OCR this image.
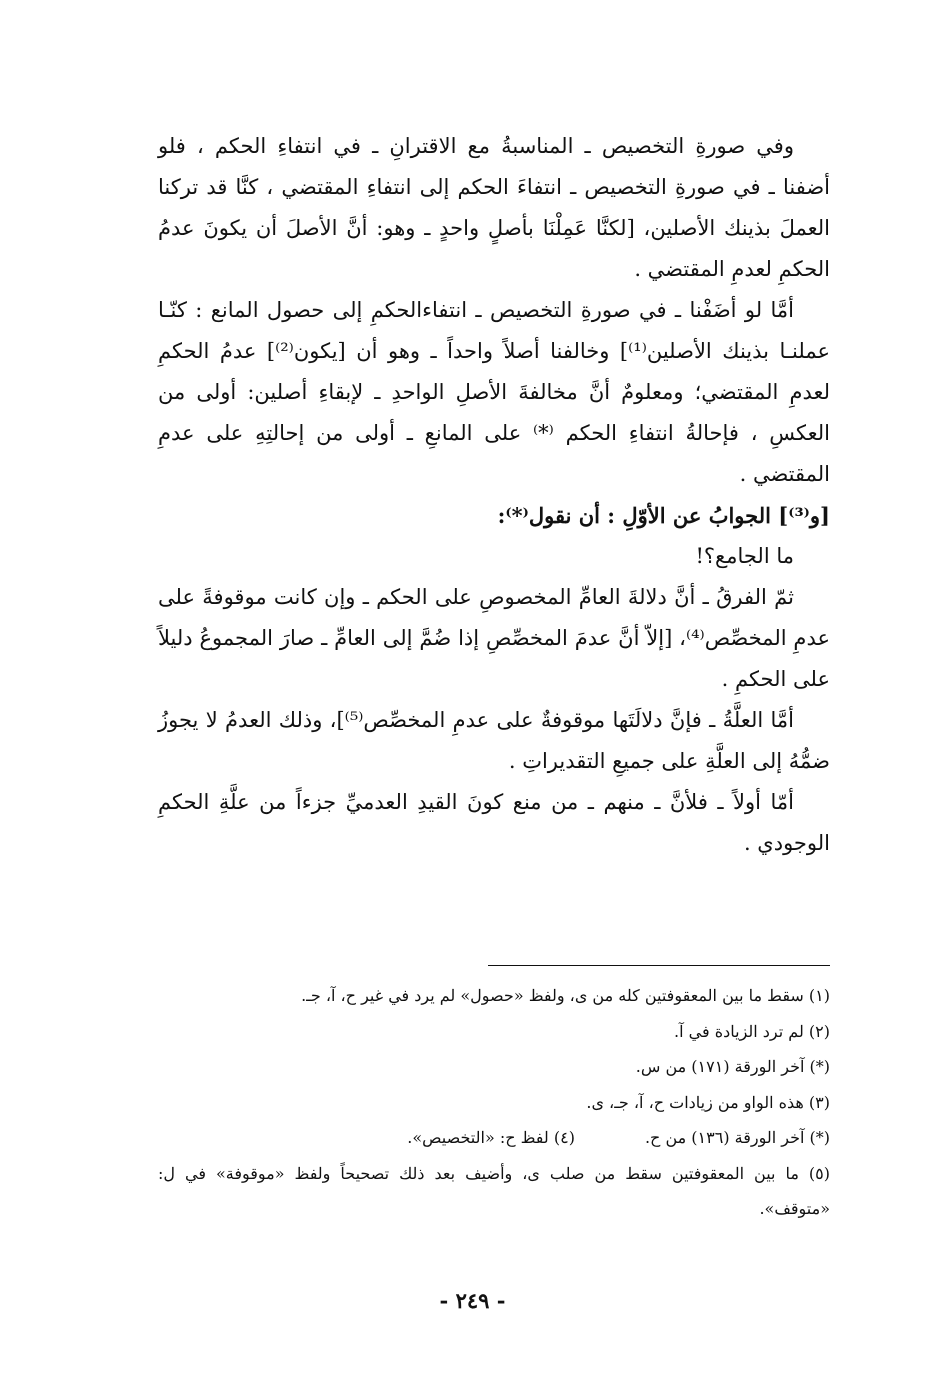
وفي صورةِ التخصيص ـ المناسبةُ مع الاقترانِ ـ في انتفاءِ الحكم ، فلو أضفنا ـ في صورةِ التخصيص ـ انتفاءَ الحكم إلى انتفاءِ المقتضي ، كنَّا قد تركنا العملَ بذينك الأصلين، [لكنَّا عَمِلْنَا بأصلٍ واحدٍ ـ وهو: أنَّ الأصلَ أن يكونَ عدمُ الحكمِ لعدمِ المقتضي .

أمَّا لو أضَفْنا ـ في صورةِ التخصيص ـ انتفاءالحكمِ إلى حصول المانع : كنّـا عملنـا بذينك الأصلين⁽¹⁾] وخالفنا أصلاً واحداً ـ وهو أن [يكون⁽²⁾] عدمُ الحكمِ لعدمِ المقتضي؛ ومعلومٌ أنَّ مخالفةَ الأصلِ الواحدِ ـ لإبقاءِ أصلين: أولى من العكسِ ، فإحالةُ انتفاءِ الحكم ⁽*⁾ على المانعِ ـ أولى من إحالتِهِ على عدمِ المقتضي .

[و⁽³⁾] الجوابُ عن الأوّلِ : أن نقول⁽*⁾:

ما الجامع؟!

ثمّ الفرقُ ـ أنَّ دلالةَ العامِّ المخصوصِ على الحكم ـ وإن كانت موقوفةً على عدمِ المخصِّص⁽⁴⁾، [إلاّ أنَّ عدمَ المخصِّصِ إذا ضُمَّ إلى العامِّ ـ صارَ المجموعُ دليلاً على الحكمِ .

أمَّا العلَّةُ ـ فإنَّ دلالَتَها موقوفةٌ على عدمِ المخصِّص⁽⁵⁾]، وذلك العدمُ لا يجوزُ ضمُّهُ إلى العلَّةِ على جميعِ التقديراتِ .

أمّا أولاً ـ فلأنَّ ـ منهم ـ من منع كونَ القيدِ العدميِّ جزءاً من علَّةِ الحكمِ الوجودي .

(١) سقط ما بين المعقوفتين كله من ى، ولفظ «حصول» لم يرد في غير ح، آ، جـ.

(٢) لم ترد الزيادة في آ.

(*) آخر الورقة (١٧١) من س.

(٣) هذه الواو من زيادات ح، آ، جـ، ى.

(*) آخر الورقة (١٣٦) من ح.
(٤) لفظ ح: «التخصيص».

(٥) ما بين المعقوفتين سقط من صلب ى، وأضيف بعد ذلك تصحيحاً ولفظ «موقوفة» في ل: «متوقف».

- ٢٤٩ -
